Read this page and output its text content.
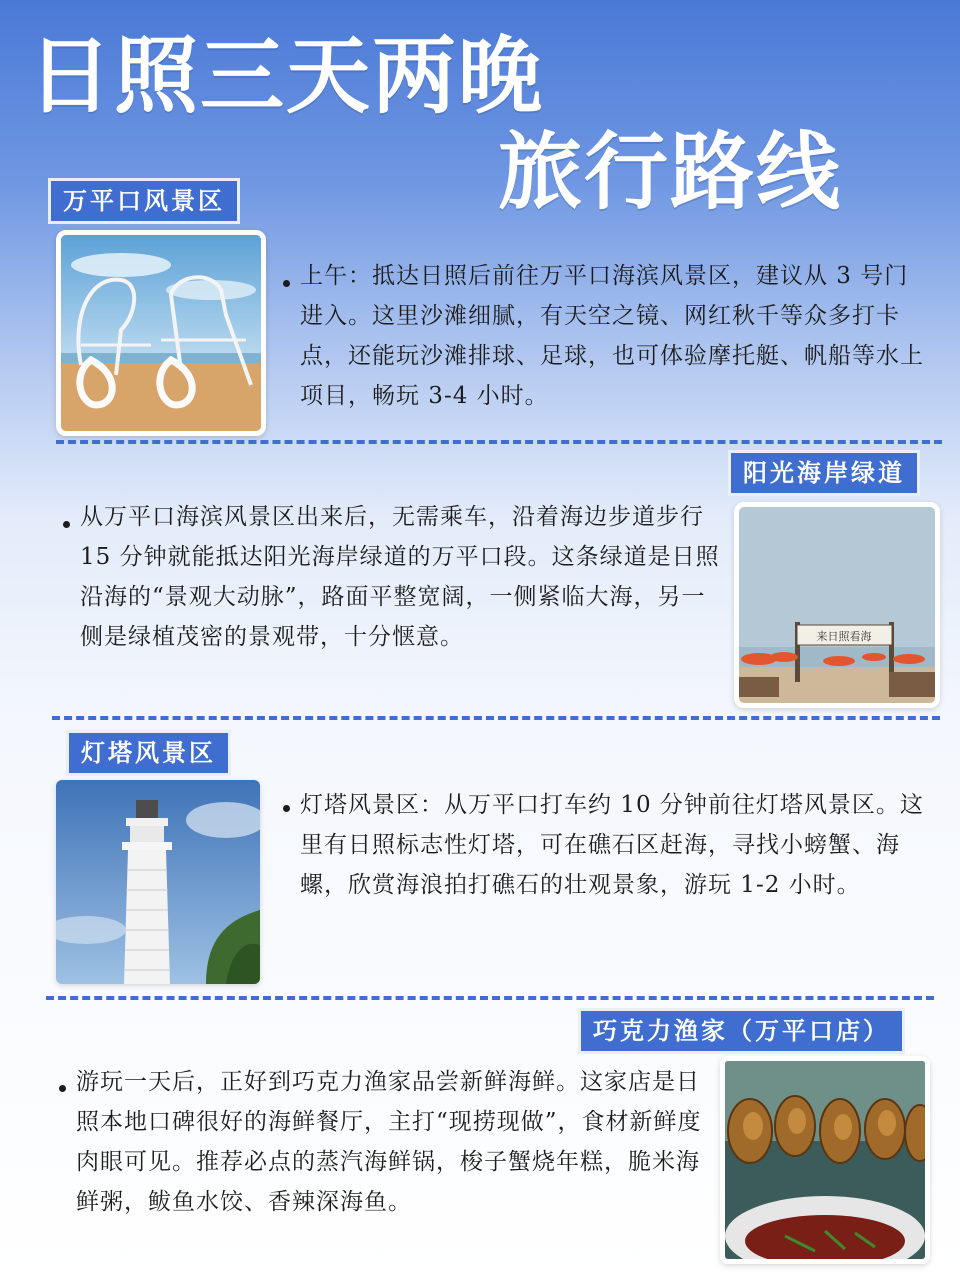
日照三天两晚
旅行路线
万平口风景区

上午：抵达日照后前往万平口海滨风景区，建议从 3 号门进入。这里沙滩细腻，有天空之镜、网红秋千等众多打卡点，还能玩沙滩排球、足球，也可体验摩托艇、帆船等水上项目，畅玩 3-4 小时。

阳光海岸绿道
来日照看海

从万平口海滨风景区出来后，无需乘车，沿着海边步道步行 15 分钟就能抵达阳光海岸绿道的万平口段。这条绿道是日照沿海的“景观大动脉”，路面平整宽阔，一侧紧临大海，另一侧是绿植茂密的景观带，十分惬意。

灯塔风景区

灯塔风景区：从万平口打车约 10 分钟前往灯塔风景区。这里有日照标志性灯塔，可在礁石区赶海，寻找小螃蟹、海螺，欣赏海浪拍打礁石的壮观景象，游玩 1-2 小时。

巧克力渔家（万平口店）

游玩一天后，正好到巧克力渔家品尝新鲜海鲜。这家店是日照本地口碑很好的海鲜餐厅，主打“现捞现做”，食材新鲜度肉眼可见。推荐必点的蒸汽海鲜锅，梭子蟹烧年糕，脆米海鲜粥，鲅鱼水饺、香辣深海鱼。
